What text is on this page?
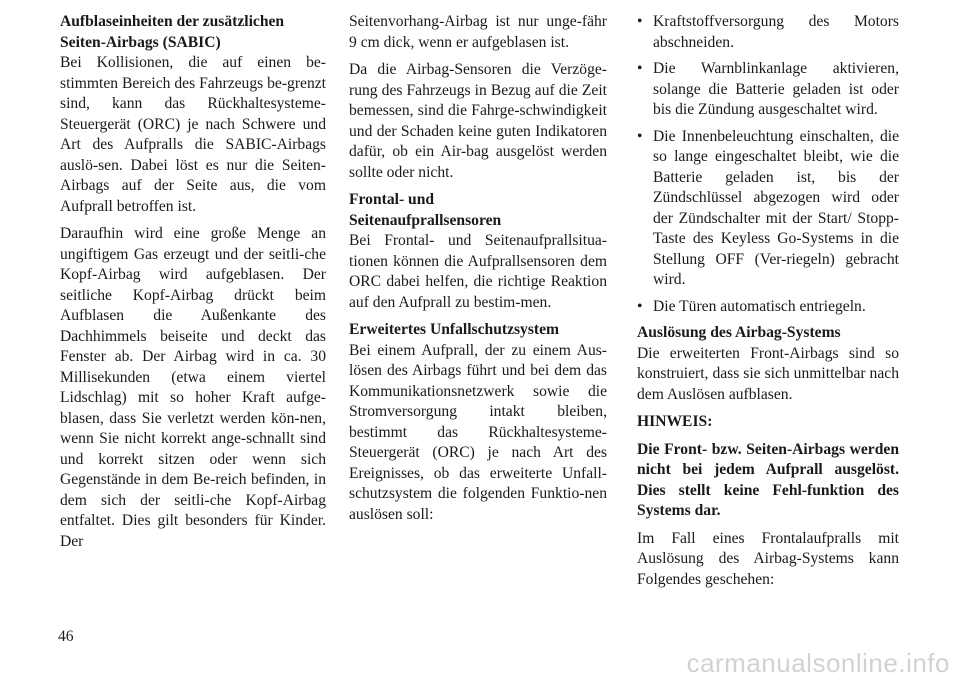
Aufblaseinheiten der zusätzlichen
Seiten-Airbags (SABIC)

Bei Kollisionen, die auf einen be-stimmten Bereich des Fahrzeugs be-grenzt sind, kann das Rückhaltesysteme-Steuergerät (ORC) je nach Schwere und Art des Aufpralls die SABIC-Airbags auslö-sen. Dabei löst es nur die Seiten-Airbags auf der Seite aus, die vom Aufprall betroffen ist.

Daraufhin wird eine große Menge an ungiftigem Gas erzeugt und der seitli-che Kopf-Airbag wird aufgeblasen. Der seitliche Kopf-Airbag drückt beim Aufblasen die Außenkante des Dachhimmels beiseite und deckt das Fenster ab. Der Airbag wird in ca. 30 Millisekunden (etwa einem viertel Lidschlag) mit so hoher Kraft aufge-blasen, dass Sie verletzt werden kön-nen, wenn Sie nicht korrekt ange-schnallt sind und korrekt sitzen oder wenn sich Gegenstände in dem Be-reich befinden, in dem sich der seitli-che Kopf-Airbag entfaltet. Dies gilt besonders für Kinder. Der

Seitenvorhang-Airbag ist nur unge-fähr 9 cm dick, wenn er aufgeblasen ist.

Da die Airbag-Sensoren die Verzöge-rung des Fahrzeugs in Bezug auf die Zeit bemessen, sind die Fahrge-schwindigkeit und der Schaden keine guten Indikatoren dafür, ob ein Air-bag ausgelöst werden sollte oder nicht.

Frontal- und
Seitenaufprallsensoren

Bei Frontal- und Seitenaufprallsitua-tionen können die Aufprallsensoren dem ORC dabei helfen, die richtige Reaktion auf den Aufprall zu bestim-men.

Erweitertes Unfallschutzsystem

Bei einem Aufprall, der zu einem Aus-lösen des Airbags führt und bei dem das Kommunikationsnetzwerk sowie die Stromversorgung intakt bleiben, bestimmt das Rückhaltesysteme-Steuergerät (ORC) je nach Art des Ereignisses, ob das erweiterte Unfall-schutzsystem die folgenden Funktio-nen auslösen soll:

• Kraftstoffversorgung des Motors abschneiden.
• Die Warnblinkanlage aktivieren, solange die Batterie geladen ist oder bis die Zündung ausgeschaltet wird.
• Die Innenbeleuchtung einschalten, die so lange eingeschaltet bleibt, wie die Batterie geladen ist, bis der Zündschlüssel abgezogen wird oder der Zündschalter mit der Start/ Stopp-Taste des Keyless Go-Systems in die Stellung OFF (Ver-riegeln) gebracht wird.
• Die Türen automatisch entriegeln.
Auslösung des Airbag-Systems

Die erweiterten Front-Airbags sind so konstruiert, dass sie sich unmittelbar nach dem Auslösen aufblasen.

HINWEIS:
Die Front- bzw. Seiten-Airbags werden nicht bei jedem Aufprall ausgelöst. Dies stellt keine Fehl-funktion des Systems dar.

Im Fall eines Frontalaufpralls mit Auslösung des Airbag-Systems kann Folgendes geschehen:

46
carmanualsonline.info
